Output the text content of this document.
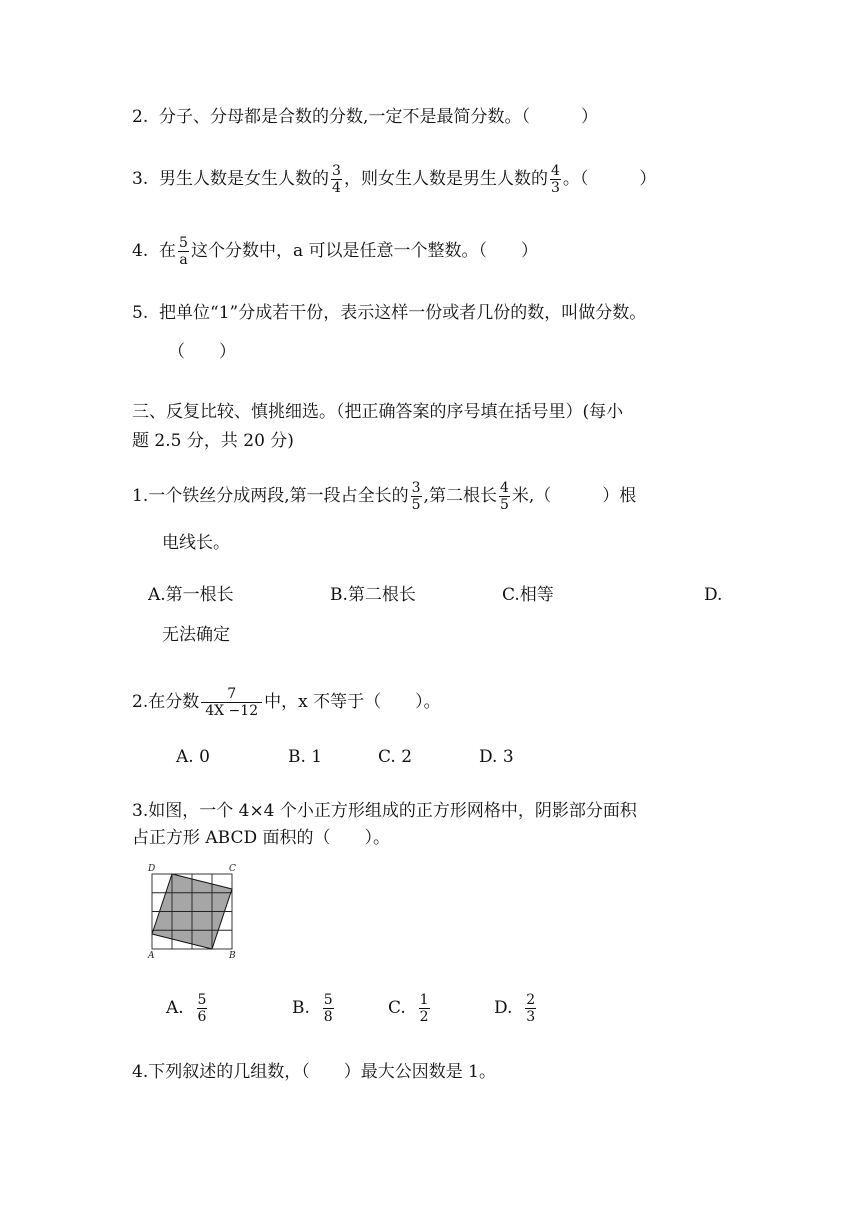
2. 分子、分母都是合数的分数,一定不是最简分数。（　　　）
3. 男生人数是女生人数的 $\frac{3}{4}$ ，则女生人数是男生人数的 $\frac{4}{3}$ 。（　　　）
4. 在 $\frac{5}{a}$ 这个分数中，a 可以是任意一个整数。（　　）
5. 把单位“1”分成若干份，表示这样一份或者几份的数，叫做分数。
（　　）
三、反复比较、慎挑细选。（把正确答案的序号填在括号里）(每小
题 2.5 分，共 20 分)
1.一个铁丝分成两段,第一段占全长的 $\frac{3}{5}$ ,第二根长 $\frac{4}{5}$ 米,（　　　）根
电线长。
A.第一根长	B.第二根长	C.相等	D.
无法确定
2.在分数 $\frac{7}{4X -12}$ 中，x 不等于（　　）。
A. 0	B. 1	C. 2	D. 3
3.如图，一个 4×4 个小正方形组成的正方形网格中，阴影部分面积
占正方形 ABCD 面积的（　　）。
D	C
A	B
A. $\frac{5}{6}$	B. $\frac{5}{8}$	C. $\frac{1}{2}$	D. $\frac{2}{3}$
4.下列叙述的几组数，（　　）最大公因数是 1。
